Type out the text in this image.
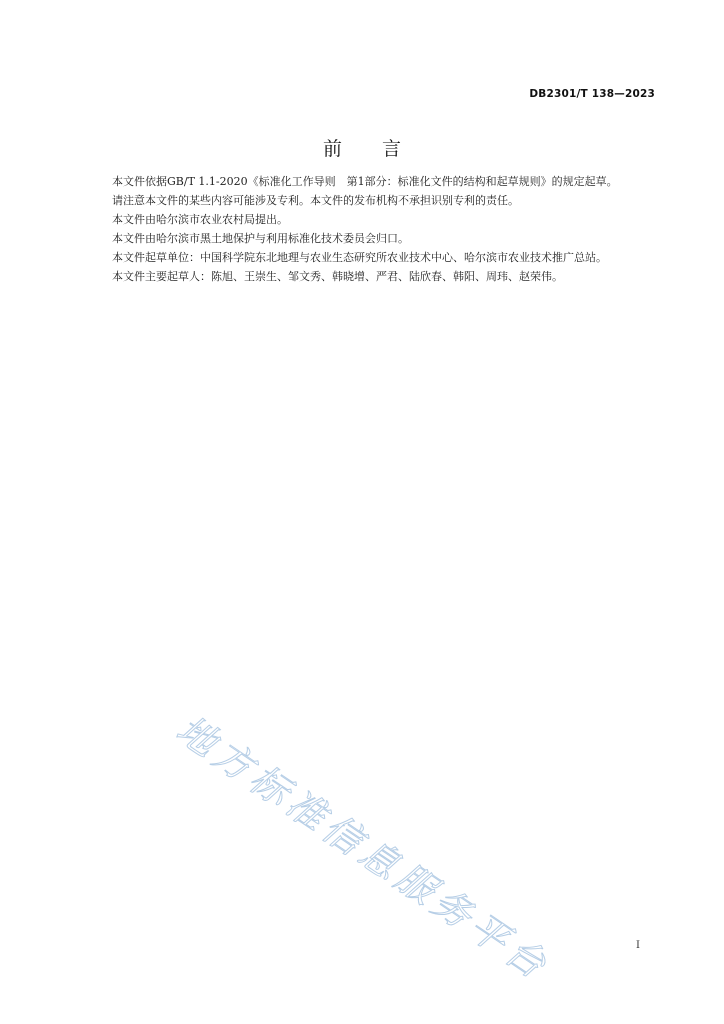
DB2301/T 138—2023
前言

本文件依据GB/T 1.1-2020《标准化工作导则　第1部分：标准化文件的结构和起草规则》的规定起草。

请注意本文件的某些内容可能涉及专利。本文件的发布机构不承担识别专利的责任。

本文件由哈尔滨市农业农村局提出。

本文件由哈尔滨市黑土地保护与利用标准化技术委员会归口。

本文件起草单位：中国科学院东北地理与农业生态研究所农业技术中心、哈尔滨市农业技术推广总站。

本文件主要起草人：陈旭、王崇生、邹文秀、韩晓增、严君、陆欣春、韩阳、周玮、赵荣伟。

地方标准信息服务平台	I
